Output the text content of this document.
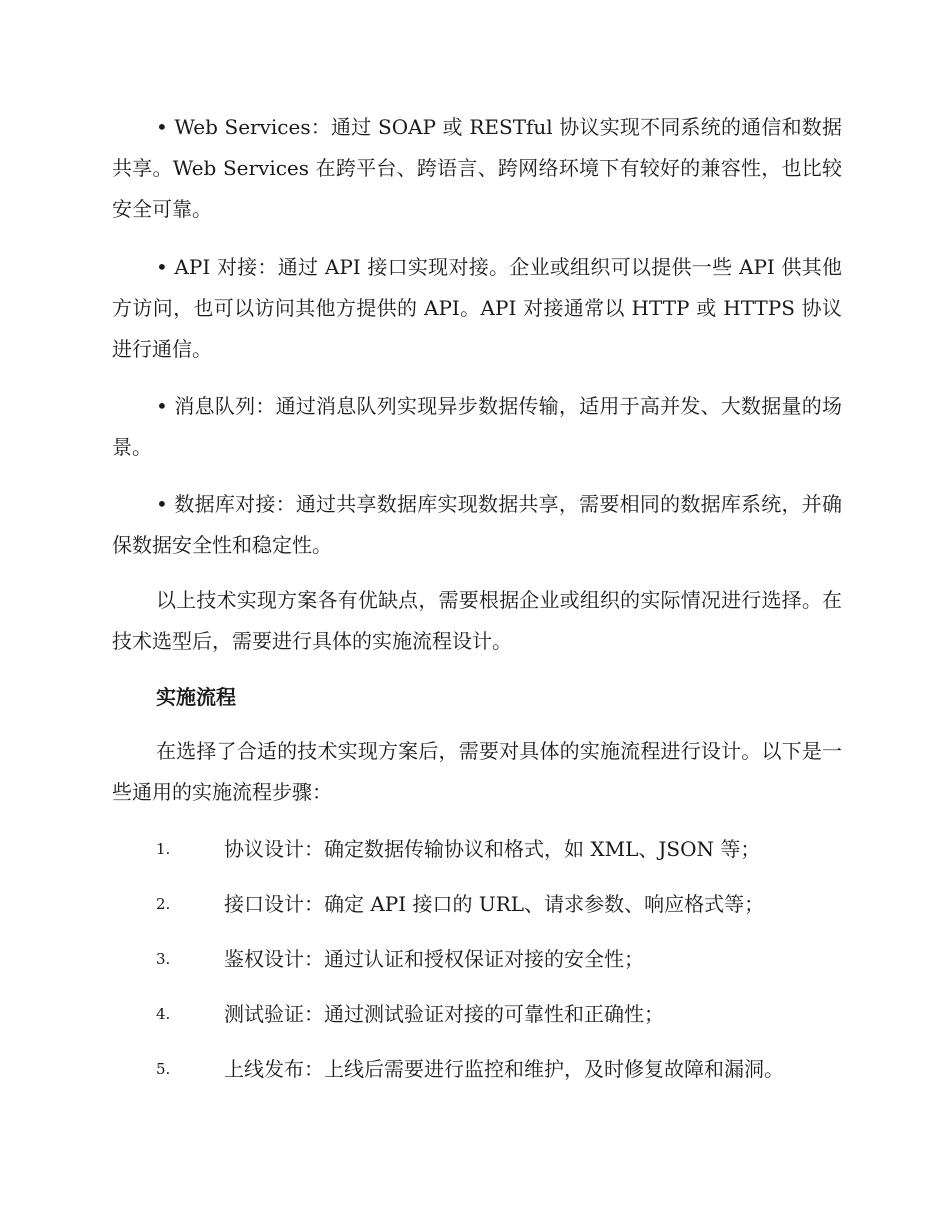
• Web Services：通过 SOAP 或 RESTful 协议实现不同系统的通信和数据共享。Web Services 在跨平台、跨语言、跨网络环境下有较好的兼容性，也比较安全可靠。

• API 对接：通过 API 接口实现对接。企业或组织可以提供一些 API 供其他方访问，也可以访问其他方提供的 API。API 对接通常以 HTTP 或 HTTPS 协议进行通信。

• 消息队列：通过消息队列实现异步数据传输，适用于高并发、大数据量的场景。

• 数据库对接：通过共享数据库实现数据共享，需要相同的数据库系统，并确保数据安全性和稳定性。

以上技术实现方案各有优缺点，需要根据企业或组织的实际情况进行选择。在技术选型后，需要进行具体的实施流程设计。

实施流程

在选择了合适的技术实现方案后，需要对具体的实施流程进行设计。以下是一些通用的实施流程步骤：

1.	协议设计：确定数据传输协议和格式，如 XML、JSON 等；
2.	接口设计：确定 API 接口的 URL、请求参数、响应格式等；
3.	鉴权设计：通过认证和授权保证对接的安全性；
4.	测试验证：通过测试验证对接的可靠性和正确性；
5.	上线发布：上线后需要进行监控和维护，及时修复故障和漏洞。
